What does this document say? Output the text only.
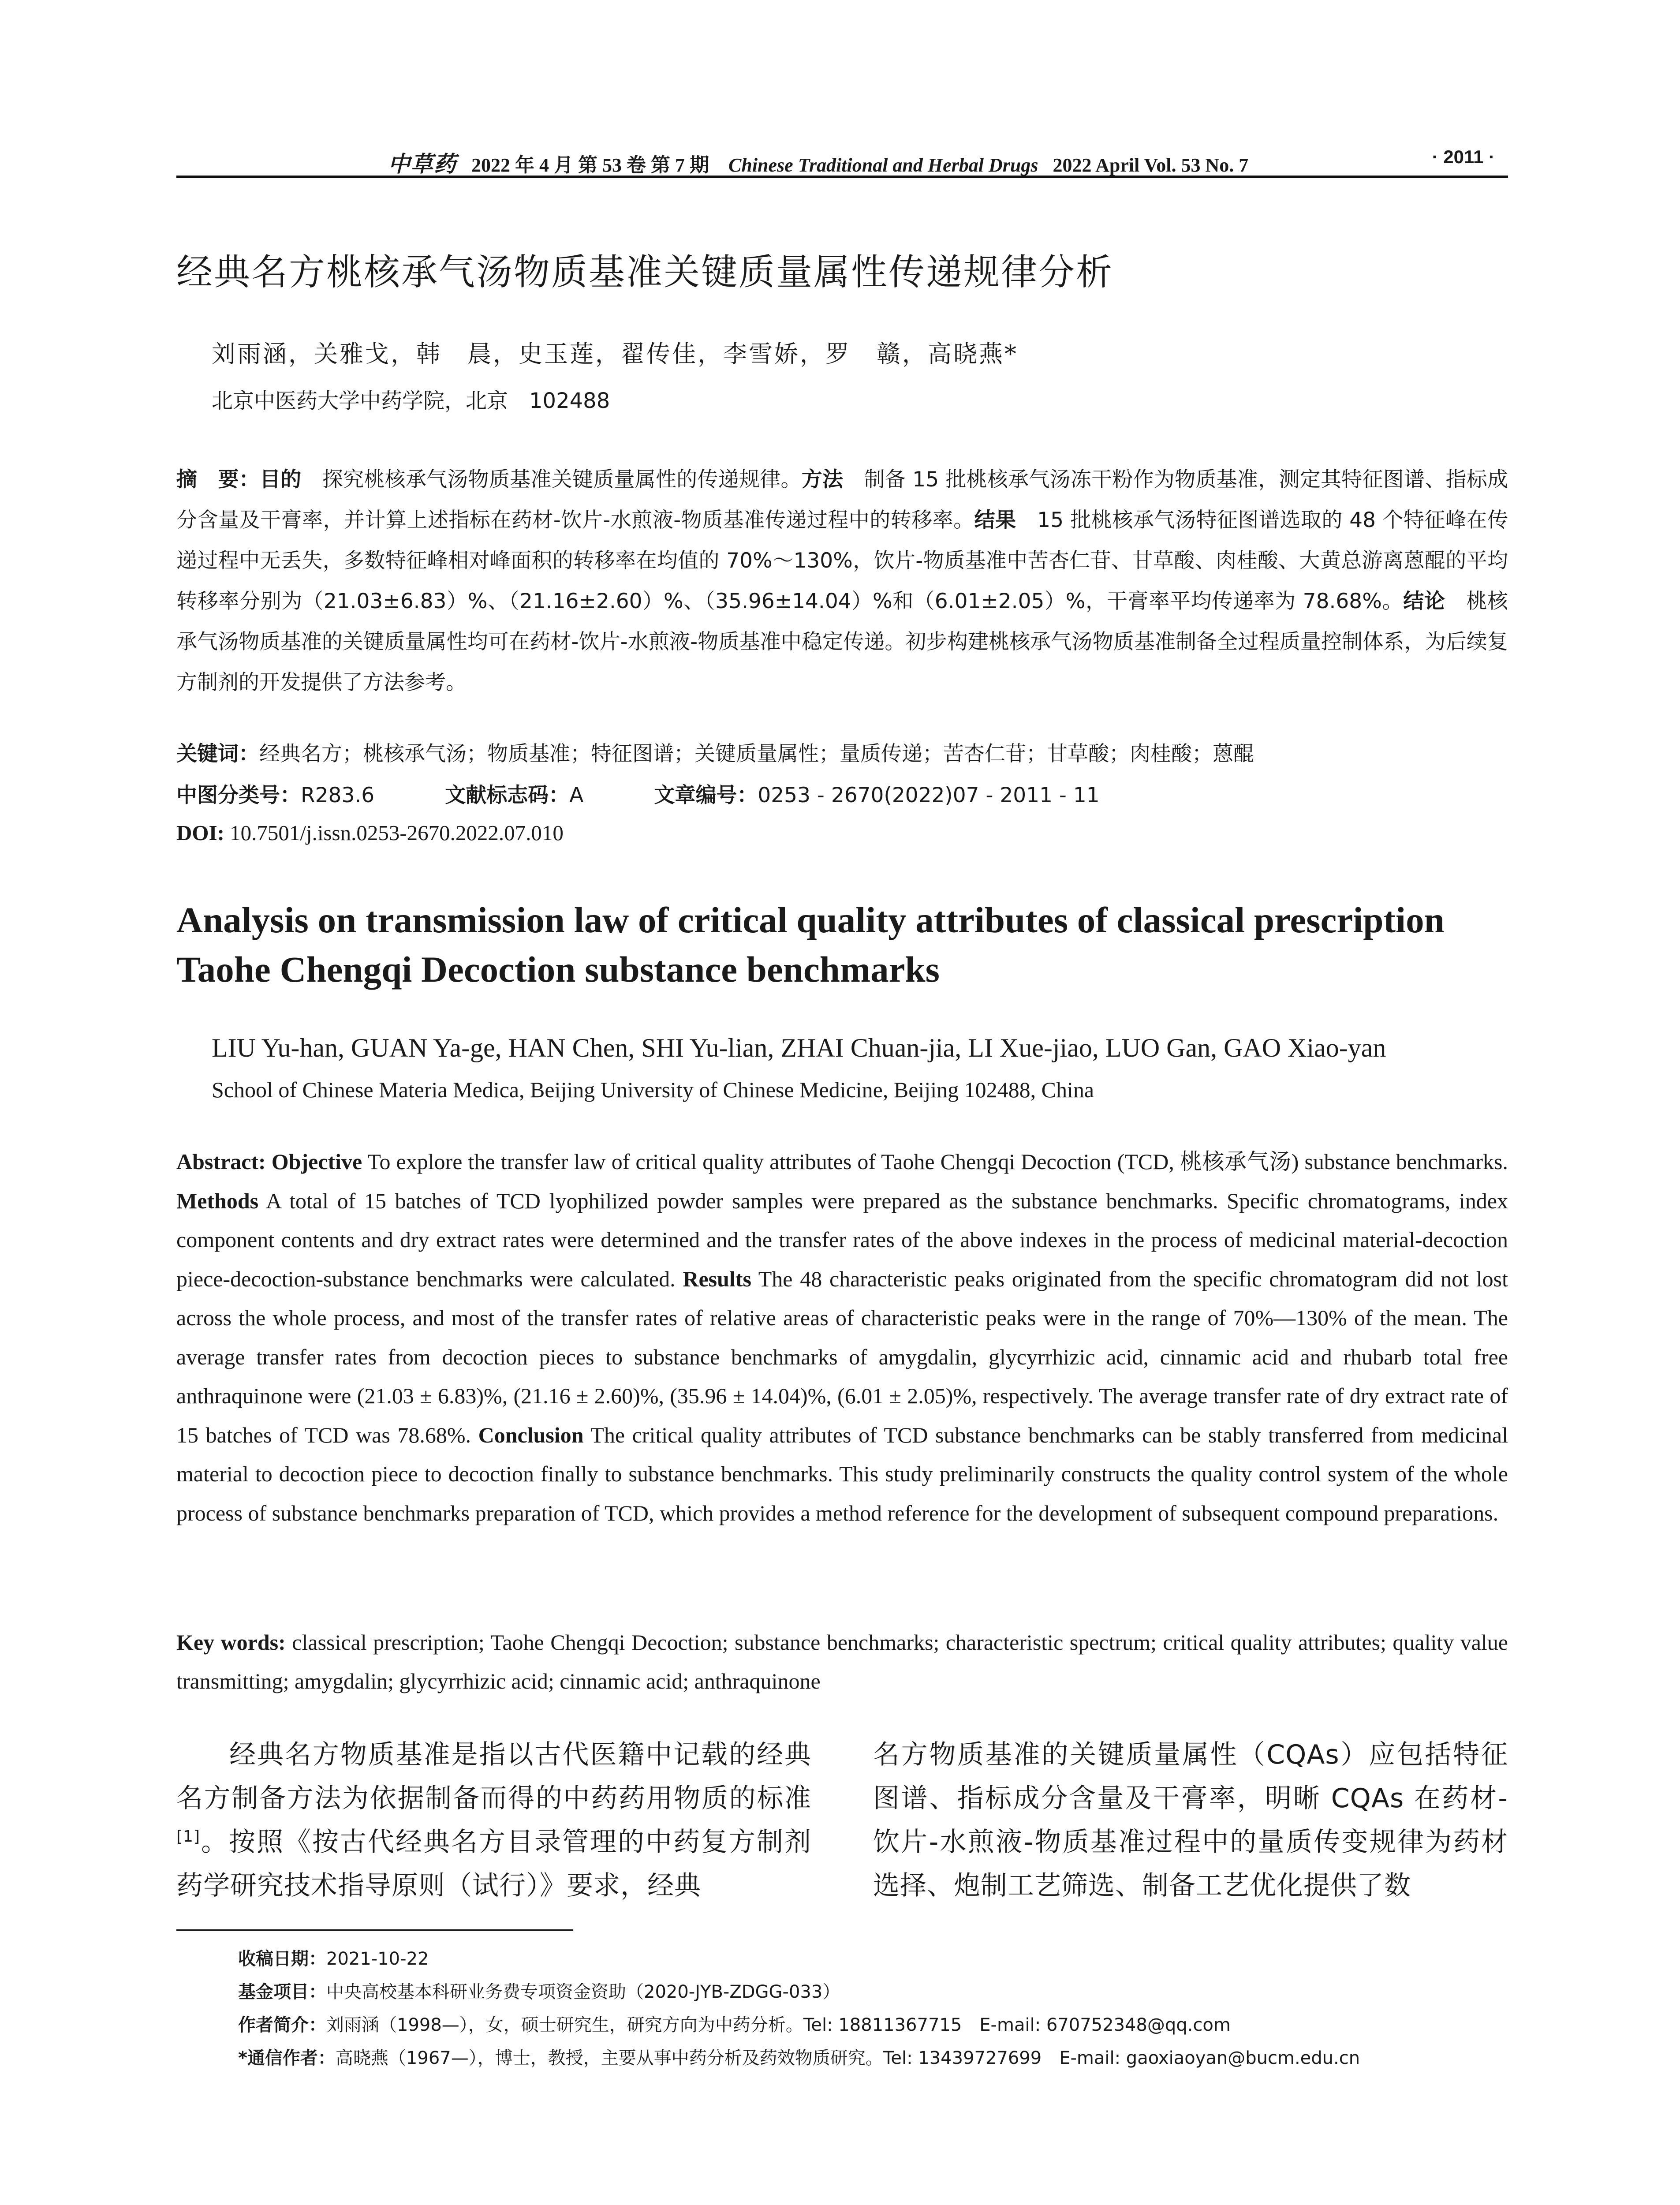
中草药 2022 年 4 月 第 53 卷 第 7 期 Chinese Traditional and Herbal Drugs 2022 April Vol. 53 No. 7	· 2011 ·
经典名方桃核承气汤物质基准关键质量属性传递规律分析
刘雨涵，关雅戈，韩　晨，史玉莲，翟传佳，李雪娇，罗　赣，高晓燕*
北京中医药大学中药学院，北京　102488
摘　要：目的　探究桃核承气汤物质基准关键质量属性的传递规律。方法　制备 15 批桃核承气汤冻干粉作为物质基准，测定其特征图谱、指标成分含量及干膏率，并计算上述指标在药材-饮片-水煎液-物质基准传递过程中的转移率。结果　15 批桃核承气汤特征图谱选取的 48 个特征峰在传递过程中无丢失，多数特征峰相对峰面积的转移率在均值的 70%～130%，饮片-物质基准中苦杏仁苷、甘草酸、肉桂酸、大黄总游离蒽醌的平均转移率分别为（21.03±6.83）%、（21.16±2.60）%、（35.96±14.04）%和（6.01±2.05）%，干膏率平均传递率为 78.68%。结论　桃核承气汤物质基准的关键质量属性均可在药材-饮片-水煎液-物质基准中稳定传递。初步构建桃核承气汤物质基准制备全过程质量控制体系，为后续复方制剂的开发提供了方法参考。
关键词：经典名方；桃核承气汤；物质基准；特征图谱；关键质量属性；量质传递；苦杏仁苷；甘草酸；肉桂酸；蒽醌
中图分类号：R283.6	文献标志码：A	文章编号：0253 - 2670(2022)07 - 2011 - 11
DOI: 10.7501/j.issn.0253-2670.2022.07.010
Analysis on transmission law of critical quality attributes of classical prescription Taohe Chengqi Decoction substance benchmarks
LIU Yu-han, GUAN Ya-ge, HAN Chen, SHI Yu-lian, ZHAI Chuan-jia, LI Xue-jiao, LUO Gan, GAO Xiao-yan
School of Chinese Materia Medica, Beijing University of Chinese Medicine, Beijing 102488, China
Abstract: Objective To explore the transfer law of critical quality attributes of Taohe Chengqi Decoction (TCD, 桃核承气汤) substance benchmarks. Methods A total of 15 batches of TCD lyophilized powder samples were prepared as the substance benchmarks. Specific chromatograms, index component contents and dry extract rates were determined and the transfer rates of the above indexes in the process of medicinal material-decoction piece-decoction-substance benchmarks were calculated. Results The 48 characteristic peaks originated from the specific chromatogram did not lost across the whole process, and most of the transfer rates of relative areas of characteristic peaks were in the range of 70%—130% of the mean. The average transfer rates from decoction pieces to substance benchmarks of amygdalin, glycyrrhizic acid, cinnamic acid and rhubarb total free anthraquinone were (21.03 ± 6.83)%, (21.16 ± 2.60)%, (35.96 ± 14.04)%, (6.01 ± 2.05)%, respectively. The average transfer rate of dry extract rate of 15 batches of TCD was 78.68%. Conclusion The critical quality attributes of TCD substance benchmarks can be stably transferred from medicinal material to decoction piece to decoction finally to substance benchmarks. This study preliminarily constructs the quality control system of the whole process of substance benchmarks preparation of TCD, which provides a method reference for the development of subsequent compound preparations.
Key words: classical prescription; Taohe Chengqi Decoction; substance benchmarks; characteristic spectrum; critical quality attributes; quality value transmitting; amygdalin; glycyrrhizic acid; cinnamic acid; anthraquinone
经典名方物质基准是指以古代医籍中记载的经典名方制备方法为依据制备而得的中药药用物质的标准[1]。按照《按古代经典名方目录管理的中药复方制剂药学研究技术指导原则（试行）》要求，经典
名方物质基准的关键质量属性（CQAs）应包括特征图谱、指标成分含量及干膏率，明晰 CQAs 在药材-饮片-水煎液-物质基准过程中的量质传变规律为药材选择、炮制工艺筛选、制备工艺优化提供了数
收稿日期：2021-10-22
基金项目：中央高校基本科研业务费专项资金资助（2020-JYB-ZDGG-033）
作者简介：刘雨涵（1998—），女，硕士研究生，研究方向为中药分析。Tel: 18811367715　E-mail: 670752348@qq.com
*通信作者：高晓燕（1967—），博士，教授，主要从事中药分析及药效物质研究。Tel: 13439727699　E-mail: gaoxiaoyan@bucm.edu.cn
